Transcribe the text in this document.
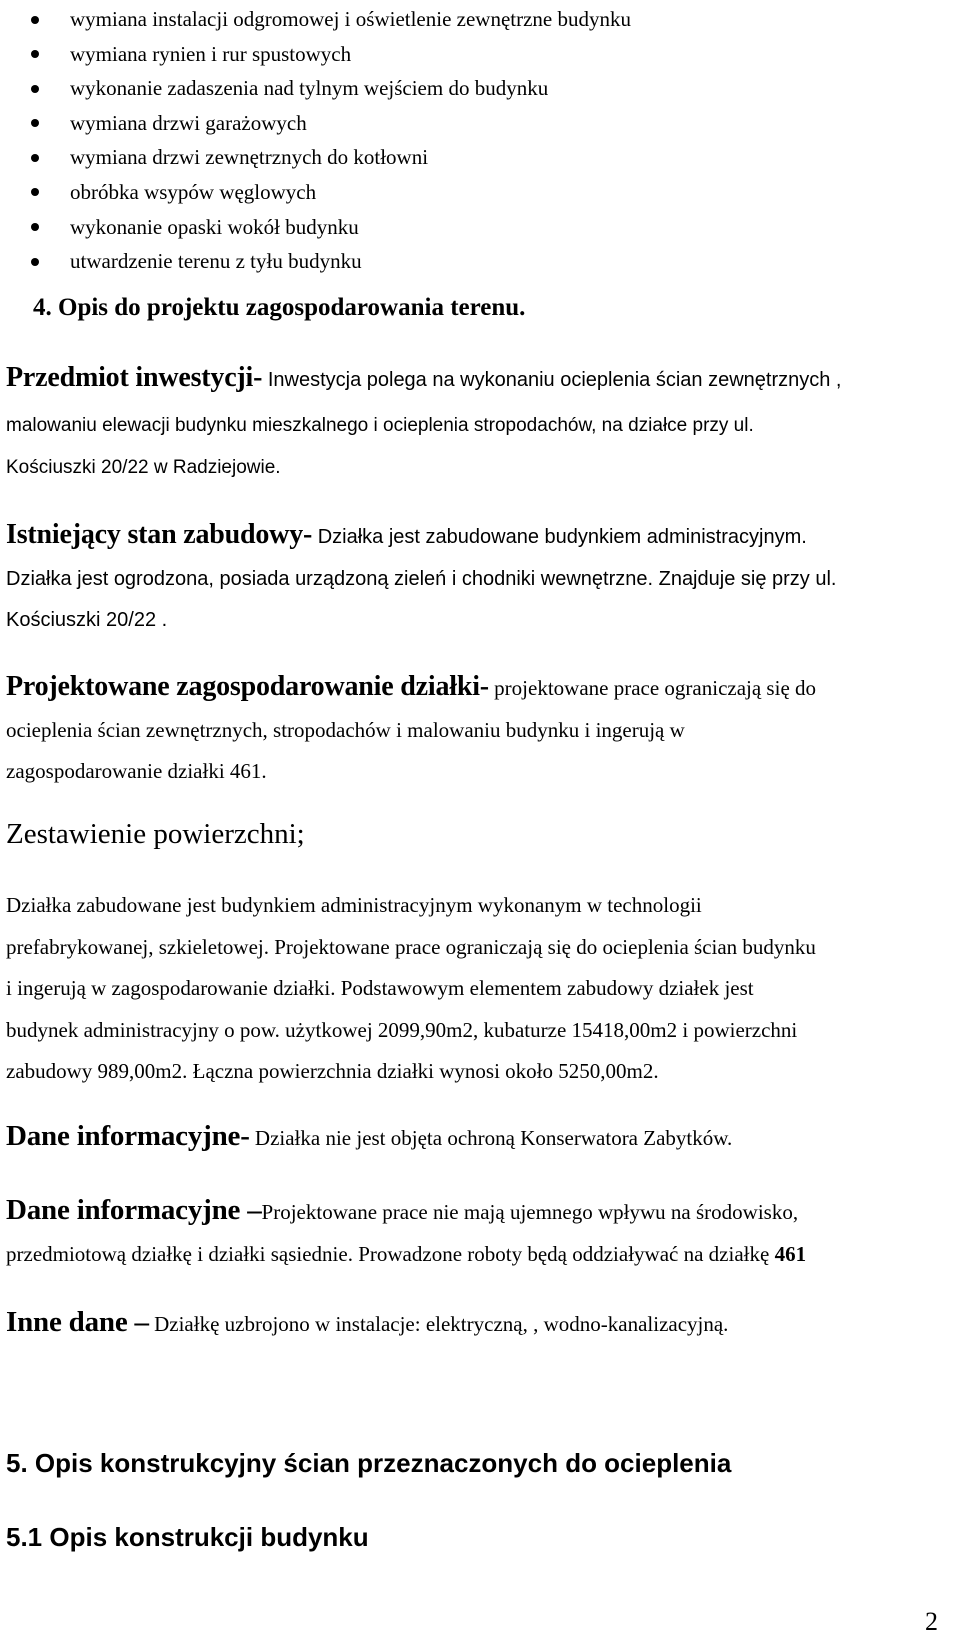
wymiana instalacji odgromowej i oświetlenie zewnętrzne budynku
wymiana rynien i rur spustowych
wykonanie zadaszenia nad tylnym wejściem do budynku
wymiana drzwi garażowych
wymiana drzwi zewnętrznych do kotłowni
obróbka wsypów węglowych
wykonanie opaski wokół budynku
utwardzenie terenu z tyłu budynku
4. Opis do projektu zagospodarowania terenu.
Przedmiot inwestycji- Inwestycja polega na wykonaniu ocieplenia ścian zewnętrznych ,
malowaniu elewacji budynku mieszkalnego i ocieplenia stropodachów, na działce przy ul.
Kościuszki 20/22 w Radziejowie.
Istniejący stan zabudowy- Działka jest zabudowane budynkiem administracyjnym.
Działka jest ogrodzona, posiada urządzoną zieleń i chodniki wewnętrzne. Znajduje się przy ul.
Kościuszki 20/22 .
Projektowane zagospodarowanie działki- projektowane prace ograniczają się do
ocieplenia ścian zewnętrznych, stropodachów i malowaniu budynku i ingerują w
zagospodarowanie działki 461.
Zestawienie powierzchni;
Działka zabudowane jest budynkiem administracyjnym wykonanym w technologii
prefabrykowanej, szkieletowej. Projektowane prace ograniczają się do ocieplenia ścian budynku
i ingerują w zagospodarowanie działki. Podstawowym elementem zabudowy działek jest
budynek administracyjny o pow. użytkowej 2099,90m2, kubaturze 15418,00m2 i powierzchni
zabudowy 989,00m2. Łączna powierzchnia działki wynosi około 5250,00m2.
Dane informacyjne- Działka nie jest objęta ochroną Konserwatora Zabytków.
Dane informacyjne –Projektowane prace nie mają ujemnego wpływu na środowisko,
przedmiotową działkę i działki sąsiednie. Prowadzone roboty będą oddziaływać na działkę 461
Inne dane – Działkę uzbrojono w instalacje: elektryczną, , wodno-kanalizacyjną.
5. Opis konstrukcyjny ścian przeznaczonych do ocieplenia
5.1 Opis konstrukcji budynku
2
